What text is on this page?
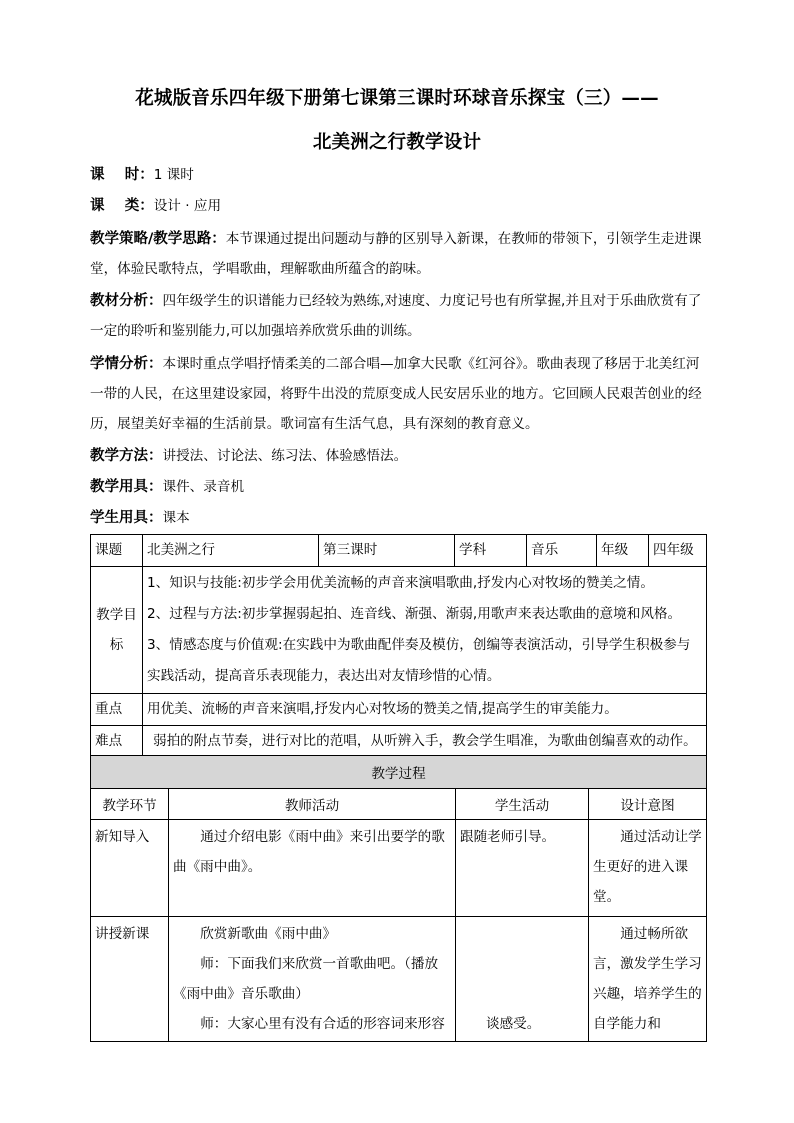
花城版音乐四年级下册第七课第三课时环球音乐探宝（三）——
北美洲之行教学设计
课    时：1 课时
课    类：设计 · 应用
教学策略/教学思路：本节课通过提出问题动与静的区别导入新课，在教师的带领下，引领学生走进课堂，体验民歌特点，学唱歌曲，理解歌曲所蕴含的韵味。
教材分析：四年级学生的识谱能力已经较为熟练,对速度、力度记号也有所掌握,并且对于乐曲欣赏有了一定的聆听和鉴别能力,可以加强培养欣赏乐曲的训练。
学情分析：本课时重点学唱抒情柔美的二部合唱—加拿大民歌《红河谷》。歌曲表现了移居于北美红河一带的人民，在这里建设家园，将野牛出没的荒原变成人民安居乐业的地方。它回顾人民艰苦创业的经历，展望美好幸福的生活前景。歌词富有生活气息，具有深刻的教育意义。
教学方法：讲授法、讨论法、练习法、体验感悟法。
教学用具：课件、录音机
学生用具：课本
课题	北美洲之行	第三课时	学科	音乐	年级	四年级
教学目标	1、知识与技能:初步学会用优美流畅的声音来演唱歌曲,抒发内心对牧场的赞美之情。
2、过程与方法:初步掌握弱起拍、连音线、渐强、渐弱,用歌声来表达歌曲的意境和风格。
3、情感态度与价值观:在实践中为歌曲配伴奏及模仿，创编等表演活动，引导学生积极参与实践活动，提高音乐表现能力，表达出对友情珍惜的心情。					

重点	用优美、流畅的声音来演唱,抒发内心对牧场的赞美之情,提高学生的审美能力。					
难点	弱拍的附点节奏，进行对比的范唱，从听辨入手，教会学生唱准，为歌曲创编喜欢的动作。					
教学过程			
教学环节	教师活动	学生活动	设计意图
新知导入	通过介绍电影《雨中曲》来引出要学的歌曲《雨中曲》。	跟随老师引导。	通过活动让学生更好的进入课堂。
讲授新课	欣赏新歌曲《雨中曲》
师：下面我们来欣赏一首歌曲吧。（播放
《雨中曲》音乐歌曲）
师：大家心里有没有合适的形容词来形容	谈感受。	通过畅所欲言，激发学生学习兴趣，培养学生的自学能力和
